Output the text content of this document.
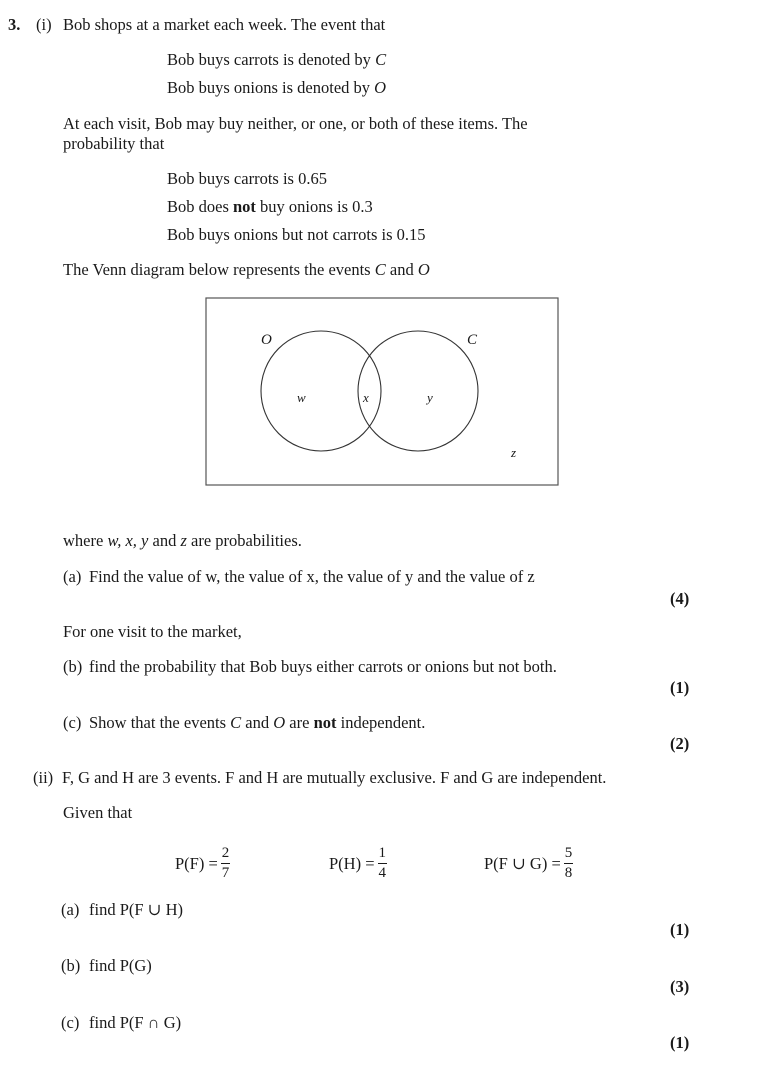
3. (i) Bob shops at a market each week. The event that
Bob buys carrots is denoted by C
Bob buys onions is denoted by O
At each visit, Bob may buy neither, or one, or both of these items. The
probability that
Bob buys carrots is 0.65
Bob does not buy onions is 0.3
Bob buys onions but not carrots is 0.15
The Venn diagram below represents the events C and O
O	C
w	x	y
z
where w, x, y and z are probabilities.
(a) Find the value of w, the value of x, the value of y and the value of z
(4)
For one visit to the market,
(b) find the probability that Bob buys either carrots or onions but not both.
(1)
(c) Show that the events C and O are not independent.
(2)
(ii) F, G and H are 3 events. F and H are mutually exclusive. F and G are independent.
Given that
$P(F) = \frac{2}{7}$	$P(H) = \frac{1}{4}$	P(F ∪ $G) = \frac{5}{8}$
(a) find P(F ∪ H)
(1)
(b) find P(G)
(3)
(c) find P(F ∩ G)
(1)
